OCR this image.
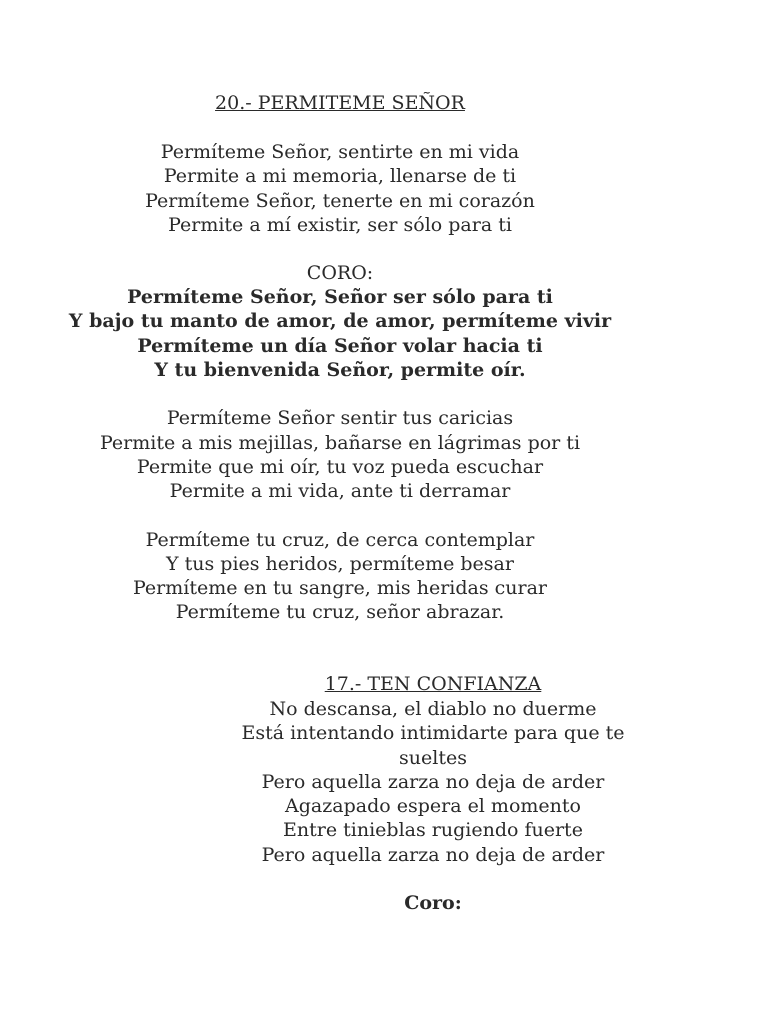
20.- PERMITEME SEÑOR
Permíteme Señor, sentirte en mi vida
Permite a mi memoria, llenarse de ti
Permíteme Señor, tenerte en mi corazón
Permite a mí existir, ser sólo para ti
CORO:
Permíteme Señor, Señor ser sólo para ti
Y bajo tu manto de amor, de amor, permíteme vivir
Permíteme un día Señor volar hacia ti
Y tu bienvenida Señor, permite oír.
Permíteme Señor sentir tus caricias
Permite a mis mejillas, bañarse en lágrimas por ti
Permite que mi oír, tu voz pueda escuchar
Permite a mi vida, ante ti derramar
Permíteme tu cruz, de cerca contemplar
Y tus pies heridos, permíteme besar
Permíteme en tu sangre, mis heridas curar
Permíteme tu cruz, señor abrazar.
17.- TEN CONFIANZA
No descansa, el diablo no duerme
Está intentando intimidarte para que te sueltes
Pero aquella zarza no deja de arder
Agazapado espera el momento
Entre tinieblas rugiendo fuerte
Pero aquella zarza no deja de arder
Coro:
